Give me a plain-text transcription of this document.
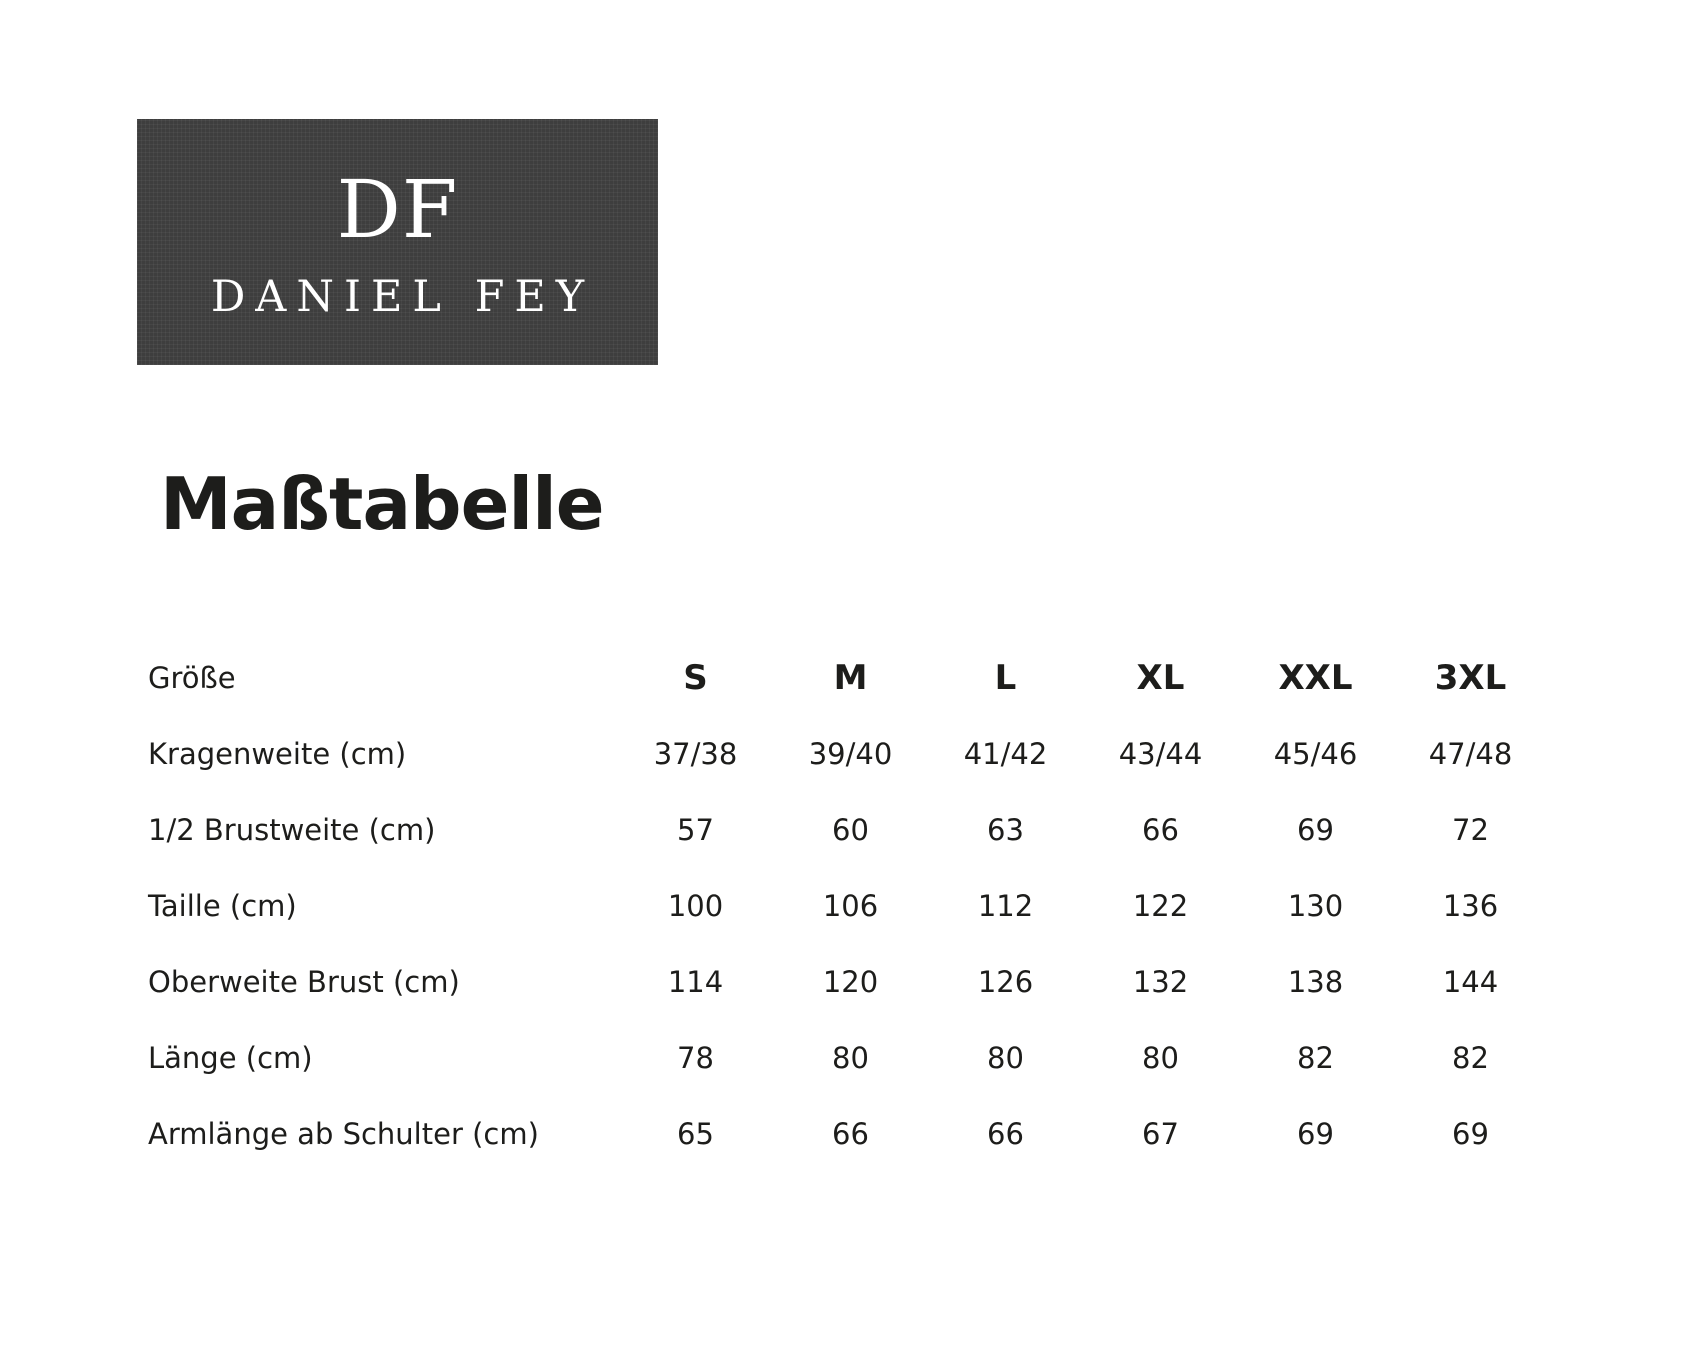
DF
DANIEL FEY
Maßtabelle
Größe	S	M	L	XL	XXL	3XL
Kragenweite (cm)	37/38	39/40	41/42	43/44	45/46	47/48
1/2 Brustweite (cm)	57	60	63	66	69	72
Taille (cm)	100	106	112	122	130	136
Oberweite Brust (cm)	114	120	126	132	138	144
Länge (cm)	78	80	80	80	82	82
Armlänge ab Schulter (cm)	65	66	66	67	69	69
